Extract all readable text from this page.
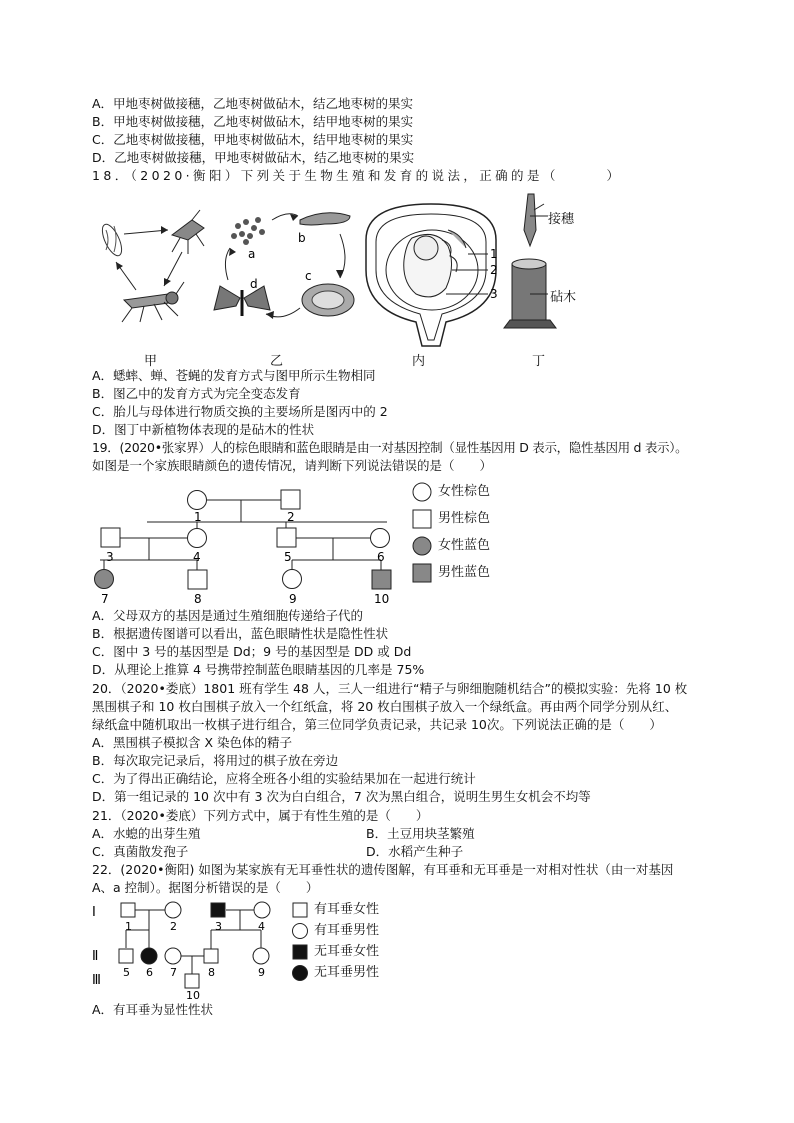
A．甲地枣树做接穗，乙地枣树做砧木，结乙地枣树的果实
B．甲地枣树做接穗，乙地枣树做砧木，结甲地枣树的果实
C．乙地枣树做接穗，甲地枣树做砧木，结甲地枣树的果实
D．乙地枣树做接穗，甲地枣树做砧木，结乙地枣树的果实
18．（2020·衡阳）下列关于生物生殖和发育的说法，正确的是（　　　）
a
b
c
d
1
2
3
接穗
砧木
甲	乙	内	丁
A．蟋蟀、蝉、苍蝇的发育方式与图甲所示生物相同
B．图乙中的发育方式为完全变态发育
C．胎儿与母体进行物质交换的主要场所是图丙中的 2
D．图丁中新植物体表现的是砧木的性状
19．(2020•张家界）人的棕色眼睛和蓝色眼睛是由一对基因控制（显性基因用 D 表示，隐性基因用 d 表示）。
如图是一个家族眼睛颜色的遗传情况，请判断下列说法错误的是（　　）
1	2
3	4	5	6
7	8	9	10
女性棕色
男性棕色
女性蓝色
男性蓝色
A．父母双方的基因是通过生殖细胞传递给子代的
B．根据遗传图谱可以看出，蓝色眼睛性状是隐性性状
C．图中 3 号的基因型是 Dd；9 号的基因型是 DD 或 Dd
D．从理论上推算 4 号携带控制蓝色眼睛基因的几率是 75%
20．（2020•娄底）1801 班有学生 48 人，三人一组进行“精子与卵细胞随机结合”的模拟实验：先将 10 枚
黑围棋子和 10 枚白围棋子放入一个红纸盒，将 20 枚白围棋子放入一个绿纸盒。再由两个同学分别从红、
绿纸盒中随机取出一枚棋子进行组合，第三位同学负责记录，共记录 10次。下列说法正确的是（　　）
A．黑围棋子模拟含 X 染色体的精子
B．每次取完记录后，将用过的棋子放在旁边
C．为了得出正确结论，应将全班各小组的实验结果加在一起进行统计
D．第一组记录的 10 次中有 3 次为白白组合，7 次为黑白组合，说明生男生女机会不均等
21．（2020•娄底）下列方式中，属于有性生殖的是（　　）
A．水螅的出芽生殖	B．土豆用块茎繁殖
C．真菌散发孢子	D．水稻产生种子
22．(2020•衡阳) 如图为某家族有无耳垂性状的遗传图解，有耳垂和无耳垂是一对相对性状（由一对基因
A、a 控制）。据图分析错误的是（　　）
Ⅰ
Ⅱ
Ⅲ
1	2	3	4
5 6 7	8	9
10
有耳垂女性
有耳垂男性
无耳垂女性
无耳垂男性
A．有耳垂为显性性状
